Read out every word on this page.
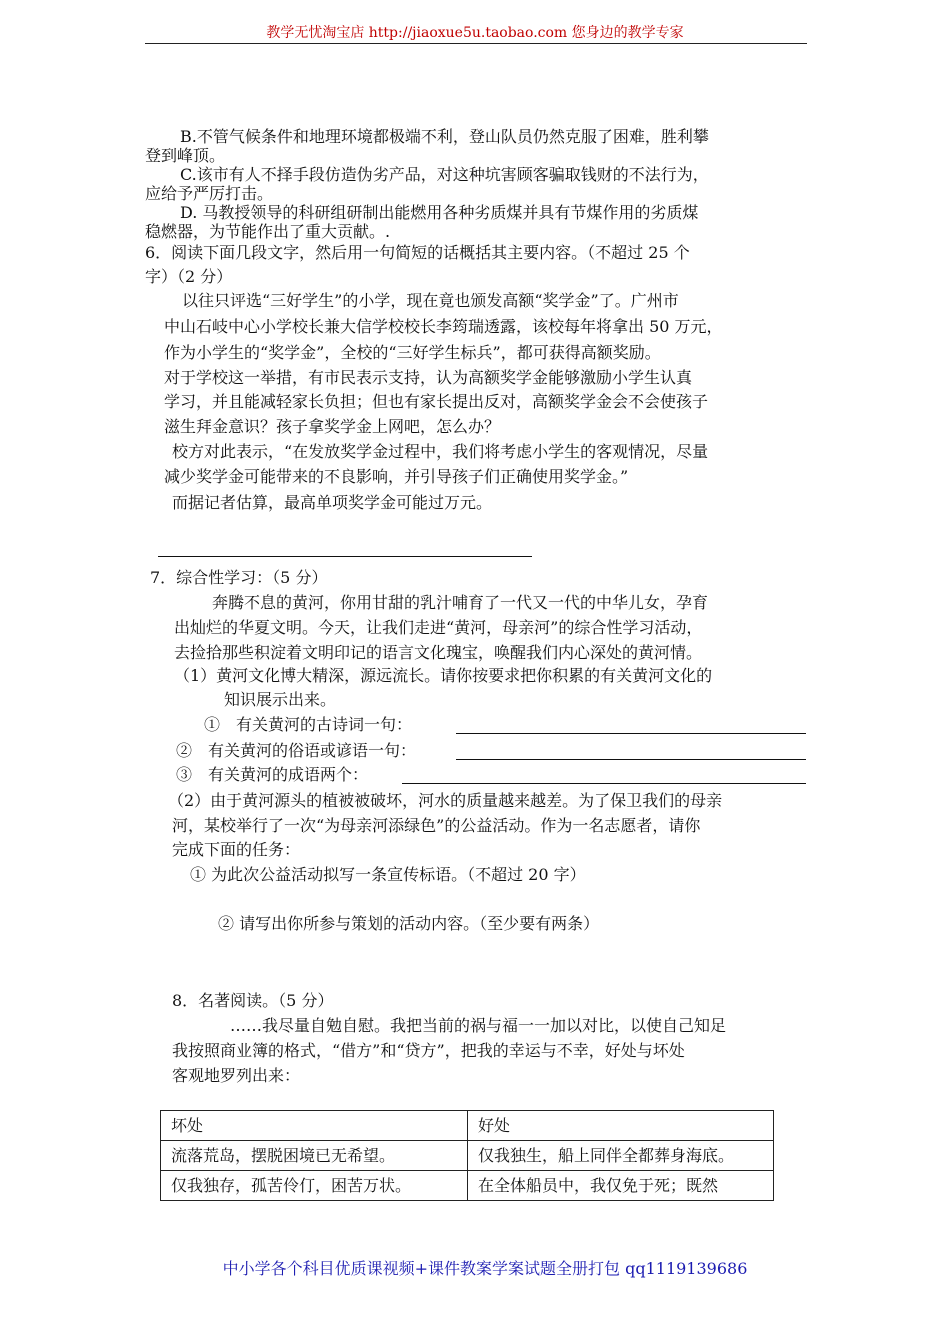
教学无忧淘宝店 http://jiaoxue5u.taobao.com 您身边的教学专家
B.不管气候条件和地理环境都极端不利，登山队员仍然克服了困难，胜利攀
登到峰顶。
C.该市有人不择手段仿造伪劣产品，对这种坑害顾客骗取钱财的不法行为，
应给予严厉打击。
D. 马教授领导的科研组研制出能燃用各种劣质煤并具有节煤作用的劣质煤
稳燃器，为节能作出了重大贡献。.
6．阅读下面几段文字，然后用一句简短的话概括其主要内容。（不超过 25 个
字）（2 分）
以往只评选“三好学生”的小学，现在竟也颁发高额“奖学金”了。广州市
中山石岐中心小学校长兼大信学校校长李筠瑞透露，该校每年将拿出 50 万元，
作为小学生的“奖学金”，全校的“三好学生标兵”，都可获得高额奖励。
对于学校这一举措，有市民表示支持，认为高额奖学金能够激励小学生认真
学习，并且能减轻家长负担；但也有家长提出反对，高额奖学金会不会使孩子
滋生拜金意识？孩子拿奖学金上网吧，怎么办？
校方对此表示，“在发放奖学金过程中，我们将考虑小学生的客观情况，尽量
减少奖学金可能带来的不良影响，并引导孩子们正确使用奖学金。”
而据记者估算，最高单项奖学金可能过万元。
7．综合性学习：（5 分）
奔腾不息的黄河，你用甘甜的乳汁哺育了一代又一代的中华儿女，孕育
出灿烂的华夏文明。今天，让我们走进“黄河，母亲河”的综合性学习活动，
去捡拾那些积淀着文明印记的语言文化瑰宝，唤醒我们内心深处的黄河情。
（1）黄河文化博大精深，源远流长。请你按要求把你积累的有关黄河文化的
知识展示出来。
①　有关黄河的古诗词一句：
②　有关黄河的俗语或谚语一句：
③　有关黄河的成语两个：
（2）由于黄河源头的植被被破坏，河水的质量越来越差。为了保卫我们的母亲
河，某校举行了一次“为母亲河添绿色”的公益活动。作为一名志愿者，请你
完成下面的任务：
① 为此次公益活动拟写一条宣传标语。（不超过 20 字）
② 请写出你所参与策划的活动内容。（至少要有两条）
8．名著阅读。（5 分）
……我尽量自勉自慰。我把当前的祸与福一一加以对比，以使自己知足
我按照商业簿的格式，“借方”和“贷方”，把我的幸运与不幸，好处与坏处
客观地罗列出来：
坏处	好处
流落荒岛，摆脱困境已无希望。	仅我独生，船上同伴全都葬身海底。
仅我独存，孤苦伶仃，困苦万状。	在全体船员中，我仅免于死；既然
中小学各个科目优质课视频+课件教案学案试题全册打包 qq1119139686
